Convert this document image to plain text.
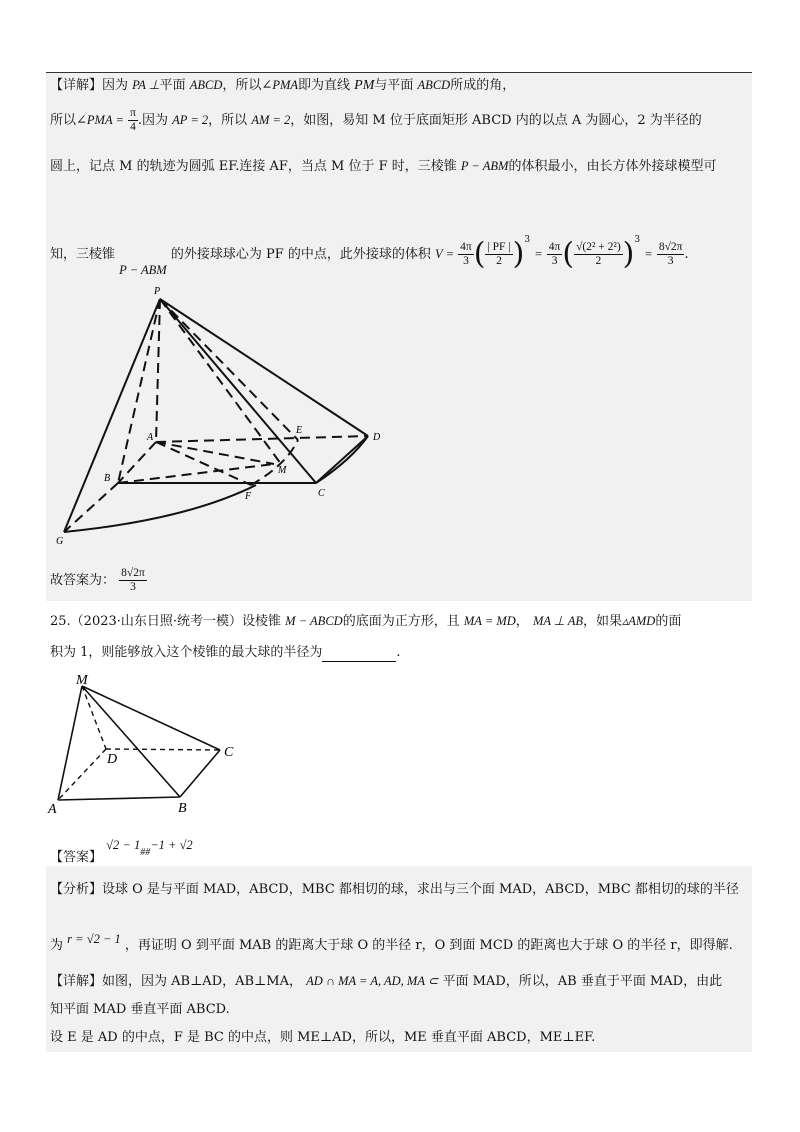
【详解】因为 PA ⊥平面 ABCD，所以∠PMA即为直线 PM与平面 ABCD所成的角，
所以∠PMA = $\frac{\pi}{4}$ .因为 AP = 2，所以 AM = 2，如图，易知 M 位于底面矩形 ABCD 内的以点 A 为圆心，2 为半径的
圆上，记点 M 的轨迹为圆弧 EF.连接 AF，当点 M 位于 F 时，三棱锥 P − ABM的体积最小，由长方体外接球模型可
知，三棱锥 P − ABM 的外接球球心为 PF 的中点，此外接球的体积 $V = \frac{4\pi}{3}$ ( $\frac{| PF |}{2} )^3 = \frac{4\pi}{3}$ ( $\frac{\text{√(2² + 2²)}}{2} )^3 = \frac{8√2\pi}{3}$ .
P
A
B
C
D
E
F
M
G
故答案为： $\frac{8√2\pi}{3}$
25.（2023·山东日照·统考一模）设棱锥 M − ABCD的底面为正方形，且 MA = MD， MA ⊥ AB，如果▵AMD的面
积为 1，则能够放入这个棱锥的最大球的半径为	.
M
D	C
A	B
【答案】 √2 − 1##−1 + √2
【分析】设球 O 是与平面 MAD，ABCD，MBC 都相切的球，求出与三个面 MAD，ABCD，MBC 都相切的球的半径
为 r = √2 − 1 ，再证明 O 到平面 MAB 的距离大于球 O 的半径 r，O 到面 MCD 的距离也大于球 O 的半径 r，即得解.
【详解】如图，因为 AB⊥AD，AB⊥MA， AD ∩ MA = A, AD, MA ⊂ 平面 MAD，所以，AB 垂直于平面 MAD，由此
知平面 MAD 垂直平面 ABCD.
设 E 是 AD 的中点，F 是 BC 的中点，则 ME⊥AD，所以，ME 垂直平面 ABCD，ME⊥EF.
